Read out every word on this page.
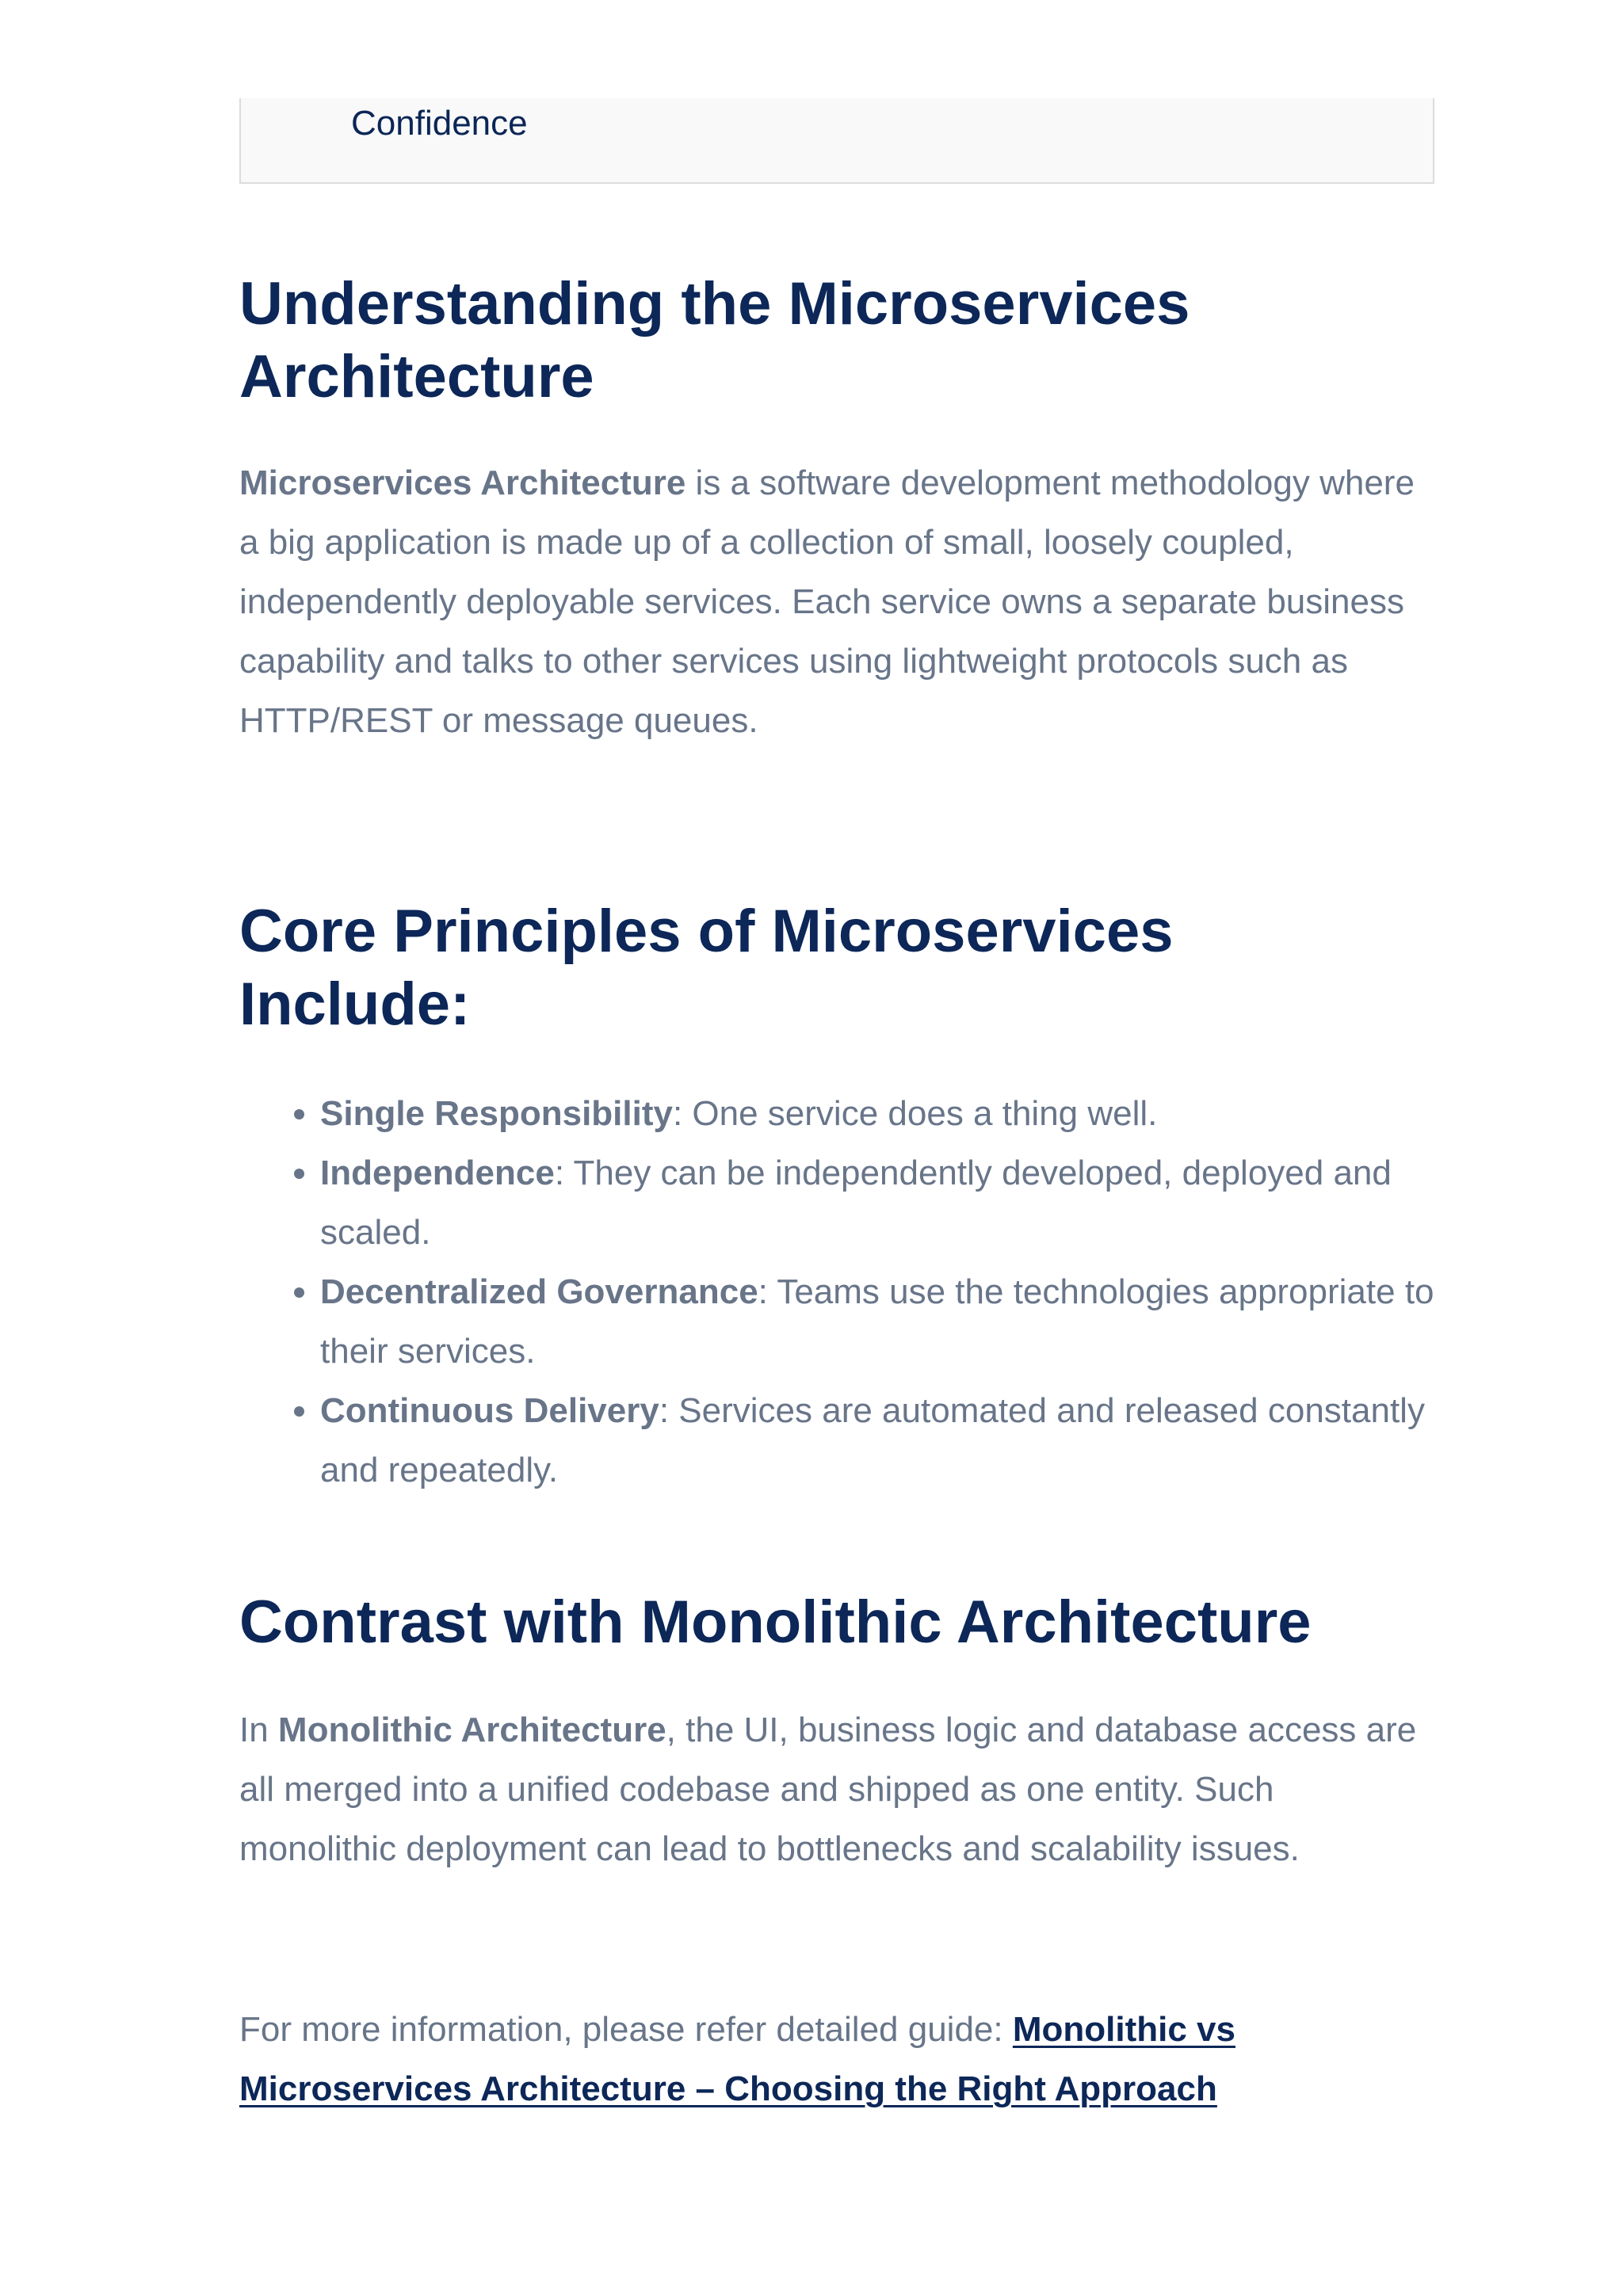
Confidence
Understanding the Microservices
Architecture

Microservices Architecture is a software development methodology where a big application is made up of a collection of small, loosely coupled, independently deployable services. Each service owns a separate business capability and talks to other services using lightweight protocols such as HTTP/REST or message queues.

Core Principles of Microservices
Include:
• Single Responsibility: One service does a thing well.
• Independence: They can be independently developed, deployed and scaled.
• Decentralized Governance: Teams use the technologies appropriate to their services.
• Continuous Delivery: Services are automated and released constantly and repeatedly.
Contrast with Monolithic Architecture

In Monolithic Architecture, the UI, business logic and database access are all merged into a unified codebase and shipped as one entity. Such monolithic deployment can lead to bottlenecks and scalability issues.

For more information, please refer detailed guide: Monolithic vs Microservices Architecture – Choosing the Right Approach
